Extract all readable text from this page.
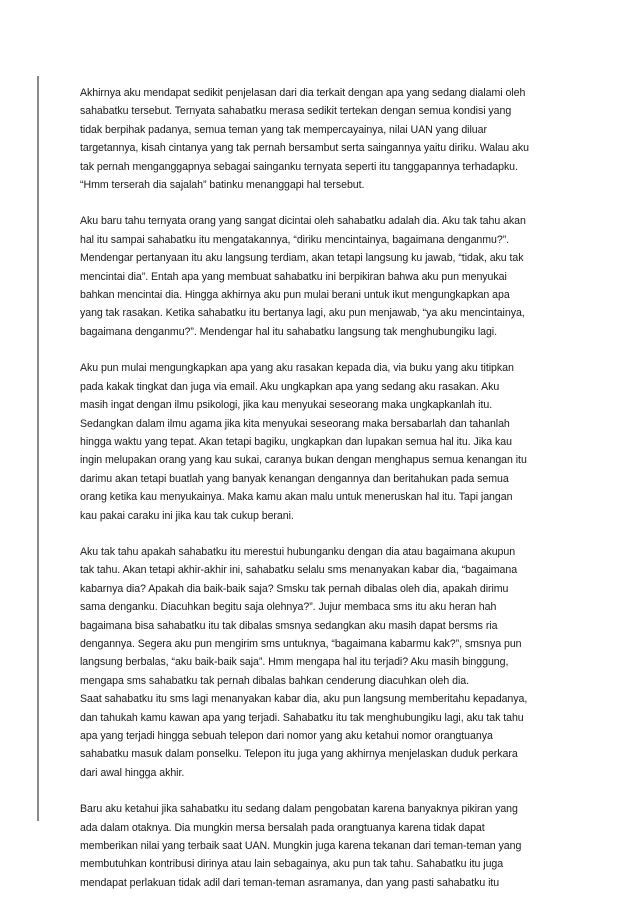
Akhirnya aku mendapat sedikit penjelasan dari dia terkait dengan apa yang sedang dialami oleh
sahabatku tersebut. Ternyata sahabatku merasa sedikit tertekan dengan semua kondisi yang
tidak berpihak padanya, semua teman yang tak mempercayainya, nilai UAN yang diluar
targetannya, kisah cintanya yang tak pernah bersambut serta saingannya yaitu diriku. Walau aku
tak pernah menganggapnya sebagai sainganku ternyata seperti itu tanggapannya terhadapku.
“Hmm terserah dia sajalah” batinku menanggapi hal tersebut.

Aku baru tahu ternyata orang yang sangat dicintai oleh sahabatku adalah dia. Aku tak tahu akan
hal itu sampai sahabatku itu mengatakannya, “diriku mencintainya, bagaimana denganmu?”.
Mendengar pertanyaan itu aku langsung terdiam, akan tetapi langsung ku jawab, “tidak, aku tak
mencintai dia”. Entah apa yang membuat sahabatku ini berpikiran bahwa aku pun menyukai
bahkan mencintai dia. Hingga akhirnya aku pun mulai berani untuk ikut mengungkapkan apa
yang tak rasakan. Ketika sahabatku itu bertanya lagi, aku pun menjawab, “ya aku mencintainya,
bagaimana denganmu?”. Mendengar hal itu sahabatku langsung tak menghubungiku lagi.

Aku pun mulai mengungkapkan apa yang aku rasakan kepada dia, via buku yang aku titipkan
pada kakak tingkat dan juga via email. Aku ungkapkan apa yang sedang aku rasakan. Aku
masih ingat dengan ilmu psikologi, jika kau menyukai seseorang maka ungkapkanlah itu.
Sedangkan dalam ilmu agama jika kita menyukai seseorang maka bersabarlah dan tahanlah
hingga waktu yang tepat. Akan tetapi bagiku, ungkapkan dan lupakan semua hal itu. Jika kau
ingin melupakan orang yang kau sukai, caranya bukan dengan menghapus semua kenangan itu
darimu akan tetapi buatlah yang banyak kenangan dengannya dan beritahukan pada semua
orang ketika kau menyukainya. Maka kamu akan malu untuk meneruskan hal itu. Tapi jangan
kau pakai caraku ini jika kau tak cukup berani.

Aku tak tahu apakah sahabatku itu merestui hubunganku dengan dia atau bagaimana akupun
tak tahu. Akan tetapi akhir-akhir ini, sahabatku selalu sms menanyakan kabar dia, “bagaimana
kabarnya dia? Apakah dia baik-baik saja? Smsku tak pernah dibalas oleh dia, apakah dirimu
sama denganku. Diacuhkan begitu saja olehnya?”. Jujur membaca sms itu aku heran hah
bagaimana bisa sahabatku itu tak dibalas smsnya sedangkan aku masih dapat bersms ria
dengannya. Segera aku pun mengirim sms untuknya, “bagaimana kabarmu kak?”, smsnya pun
langsung berbalas, “aku baik-baik saja”. Hmm mengapa hal itu terjadi? Aku masih binggung,
mengapa sms sahabatku tak pernah dibalas bahkan cenderung diacuhkan oleh dia.
Saat sahabatku itu sms lagi menanyakan kabar dia, aku pun langsung memberitahu kepadanya,
dan tahukah kamu kawan apa yang terjadi. Sahabatku itu tak menghubungiku lagi, aku tak tahu
apa yang terjadi hingga sebuah telepon dari nomor yang aku ketahui nomor orangtuanya
sahabatku masuk dalam ponselku. Telepon itu juga yang akhirnya menjelaskan duduk perkara
dari awal hingga akhir.

Baru aku ketahui jika sahabatku itu sedang dalam pengobatan karena banyaknya pikiran yang
ada dalam otaknya. Dia mungkin mersa bersalah pada orangtuanya karena tidak dapat
memberikan nilai yang terbaik saat UAN. Mungkin juga karena tekanan dari teman-teman yang
membutuhkan kontribusi dirinya atau lain sebagainya, aku pun tak tahu. Sahabatku itu juga
mendapat perlakuan tidak adil dari teman-teman asramanya, dan yang pasti sahabatku itu
